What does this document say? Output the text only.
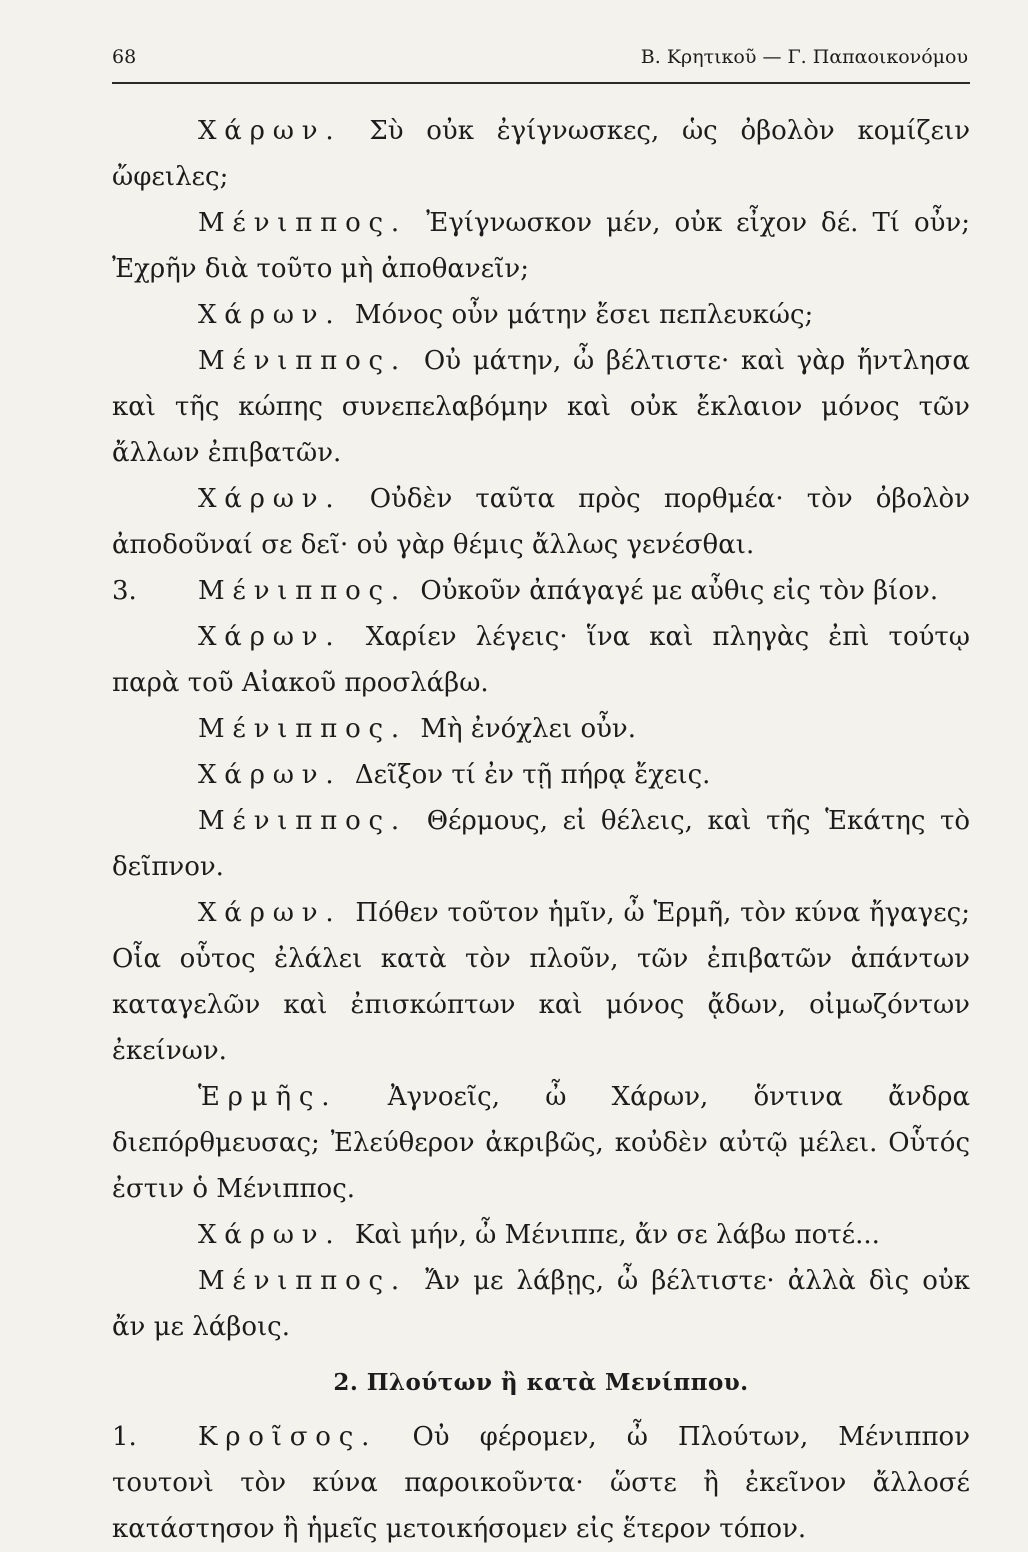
68	Β. Κρητικοῦ — Γ. Παπαοικονόμου

Χάρων. Σὺ οὐκ ἐγίγνωσκες, ὡς ὀβολὸν κομίζειν ὤφειλες;

Μένιππος. Ἐγίγνωσκον μέν, οὐκ εἶχον δέ. Τί οὖν; Ἐχρῆν διὰ τοῦτο μὴ ἀποθανεῖν;

Χάρων. Μόνος οὖν μάτην ἔσει πεπλευκώς;

Μένιππος. Οὐ μάτην, ὦ βέλτιστε· καὶ γὰρ ἤντλησα καὶ τῆς κώπης συνεπελαβόμην καὶ οὐκ ἔκλαιον μόνος τῶν ἄλλων ἐπιβατῶν.

Χάρων. Οὐδὲν ταῦτα πρὸς πορθμέα· τὸν ὀβολὸν ἀποδοῦναί σε δεῖ· οὐ γὰρ θέμις ἄλλως γενέσθαι.

3. Μένιππος. Οὐκοῦν ἀπάγαγέ με αὖθις εἰς τὸν βίον.

Χάρων. Χαρίεν λέγεις· ἵνα καὶ πληγὰς ἐπὶ τούτῳ παρὰ τοῦ Αἰακοῦ προσλάβω.

Μένιππος. Μὴ ἐνόχλει οὖν.

Χάρων. Δεῖξον τί ἐν τῇ πήρᾳ ἔχεις.

Μένιππος. Θέρμους, εἰ θέλεις, καὶ τῆς Ἑκάτης τὸ δεῖπνον.

Χάρων. Πόθεν τοῦτον ἡμῖν, ὦ Ἑρμῆ, τὸν κύνα ἤγαγες; Οἷα οὗτος ἐλάλει κατὰ τὸν πλοῦν, τῶν ἐπιβατῶν ἁπάντων καταγελῶν καὶ ἐπισκώπτων καὶ μόνος ᾄδων, οἰμωζόντων ἐκείνων.

Ἑρμῆς. Ἀγνοεῖς, ὦ Χάρων, ὅντινα ἄνδρα διεπόρθμευσας; Ἐλεύθερον ἀκριβῶς, κοὐδὲν αὐτῷ μέλει. Οὗτός ἐστιν ὁ Μένιππος.

Χάρων. Καὶ μήν, ὦ Μένιππε, ἄν σε λάβω ποτέ...

Μένιππος. Ἄν με λάβῃς, ὦ βέλτιστε· ἀλλὰ δὶς οὐκ ἄν με λάβοις.

2. Πλούτων ἢ κατὰ Μενίππου.

1. Κροῖσος. Οὐ φέρομεν, ὦ Πλούτων, Μένιππον τουτονὶ τὸν κύνα παροικοῦντα· ὥστε ἢ ἐκεῖνον ἄλλοσέ κατάστησον ἢ ἡμεῖς μετοικήσομεν εἰς ἕτερον τόπον.
